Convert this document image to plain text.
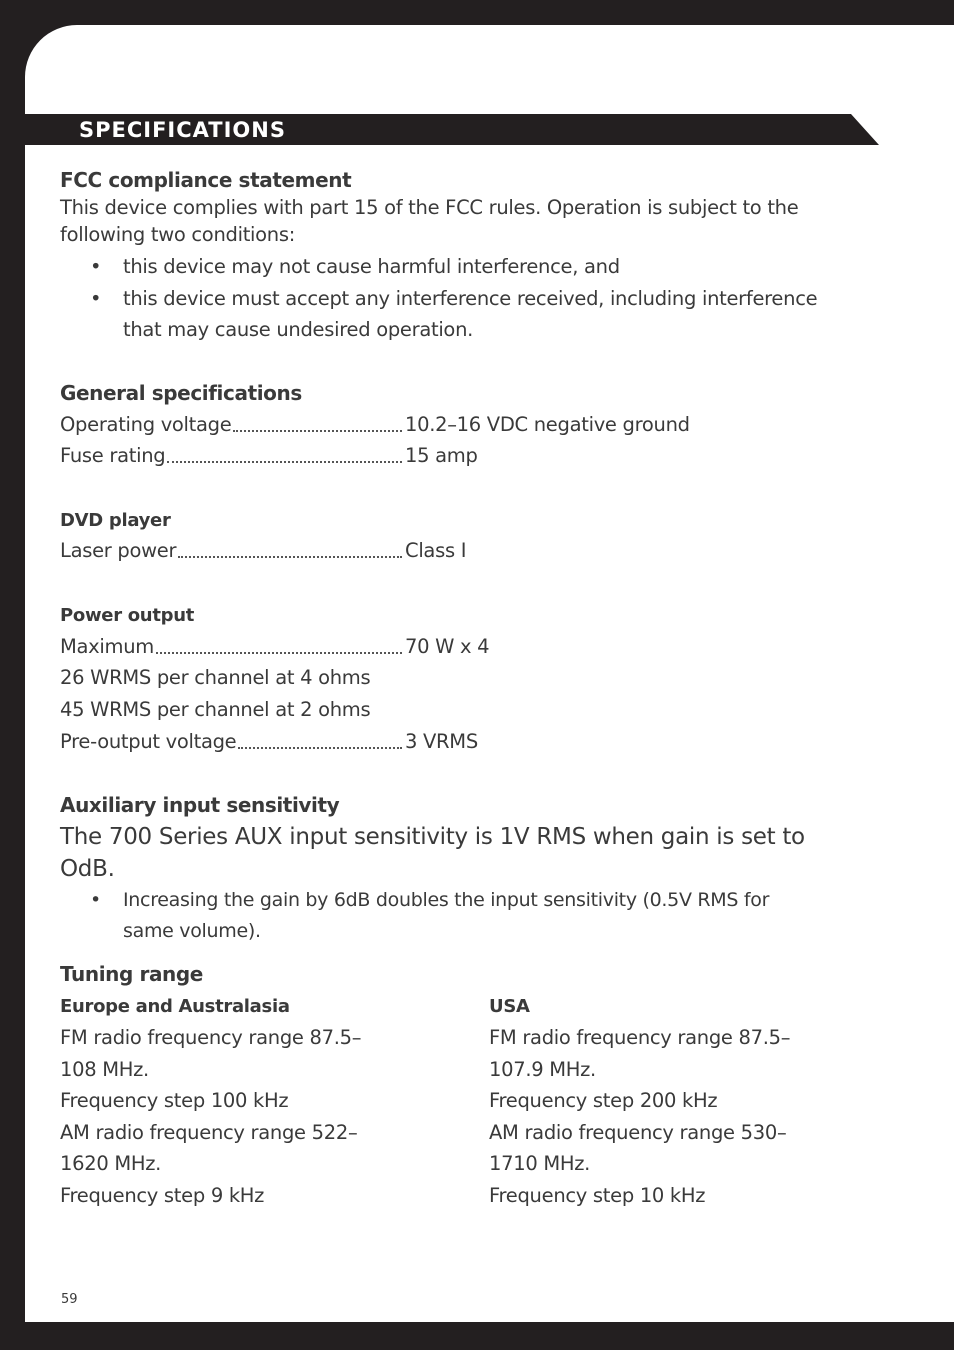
SPECIFICATIONS
FCC compliance statement
This device complies with part 15 of the FCC rules. Operation is subject to the
following two conditions:
• this device may not cause harmful interference, and
• this device must accept any interference received, including interference
that may cause undesired operation.
General specifications
Operating voltage	10.2–16 VDC negative ground
Fuse rating	15 amp
DVD player
Laser power	Class I
Power output
Maximum	70 W x 4
26 WRMS per channel at 4 ohms
45 WRMS per channel at 2 ohms
Pre-output voltage	3 VRMS
Auxiliary input sensitivity
The 700 Series AUX input sensitivity is 1V RMS when gain is set to
OdB.
• Increasing the gain by 6dB doubles the input sensitivity (0.5V RMS for
same volume).
Tuning range
Europe and Australasia
FM radio frequency range 87.5–
108 MHz.
Frequency step 100 kHz
AM radio frequency range 522–
1620 MHz.
Frequency step 9 kHz
USA
FM radio frequency range 87.5–
107.9 MHz.
Frequency step 200 kHz
AM radio frequency range 530–
1710 MHz.
Frequency step 10 kHz
59
